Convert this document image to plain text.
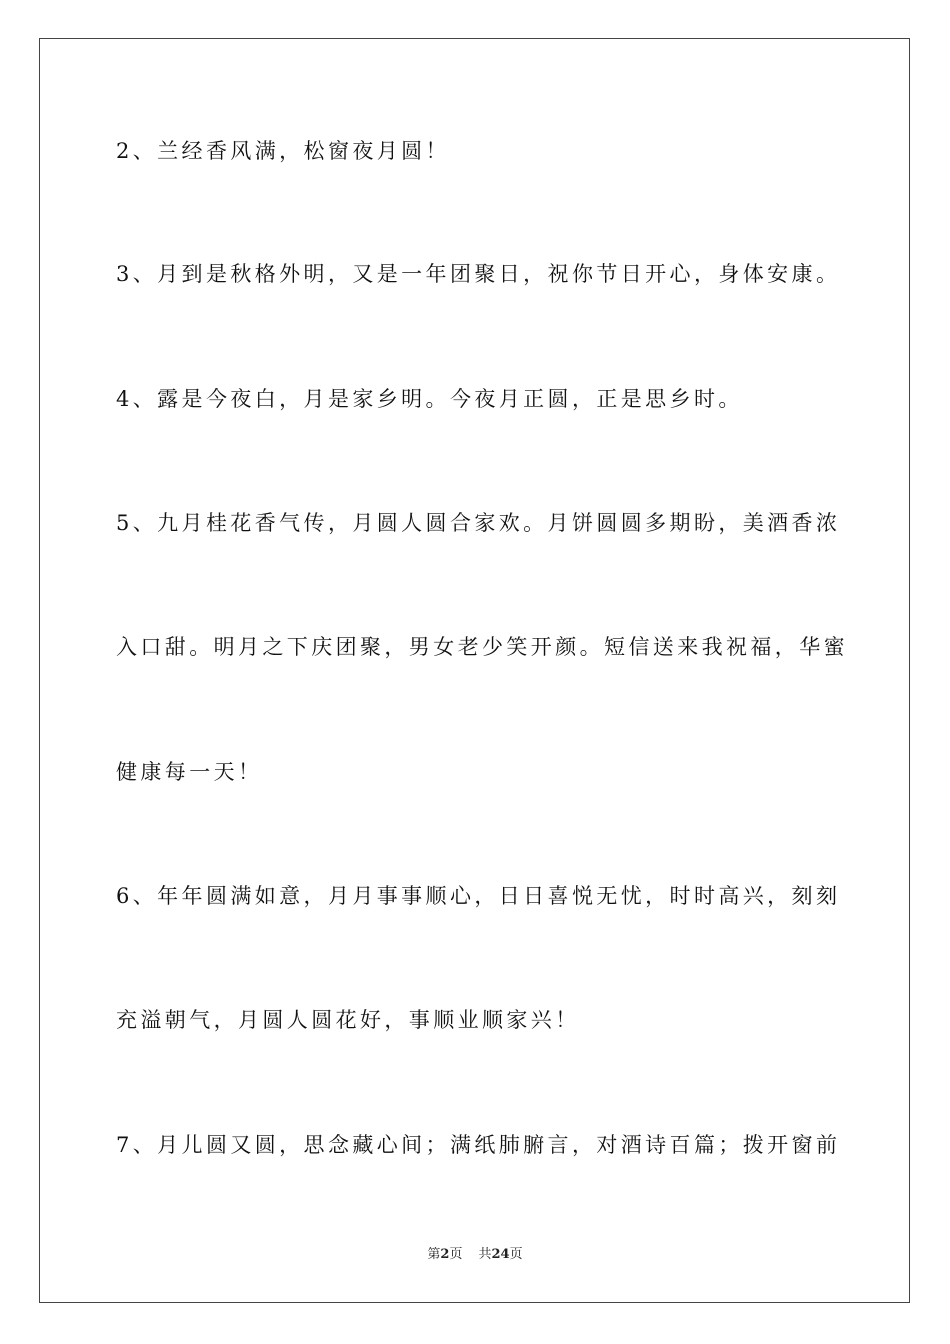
2、兰经香风满，松窗夜月圆！
3、月到是秋格外明，又是一年团聚日，祝你节日开心，身体安康。
4、露是今夜白，月是家乡明。今夜月正圆，正是思乡时。
5、九月桂花香气传，月圆人圆合家欢。月饼圆圆多期盼，美酒香浓
入口甜。明月之下庆团聚，男女老少笑开颜。短信送来我祝福，华蜜
健康每一天！
6、年年圆满如意，月月事事顺心，日日喜悦无忧，时时高兴，刻刻
充溢朝气，月圆人圆花好，事顺业顺家兴！
7、月儿圆又圆，思念藏心间；满纸肺腑言，对酒诗百篇；拨开窗前
第2页 共24页
